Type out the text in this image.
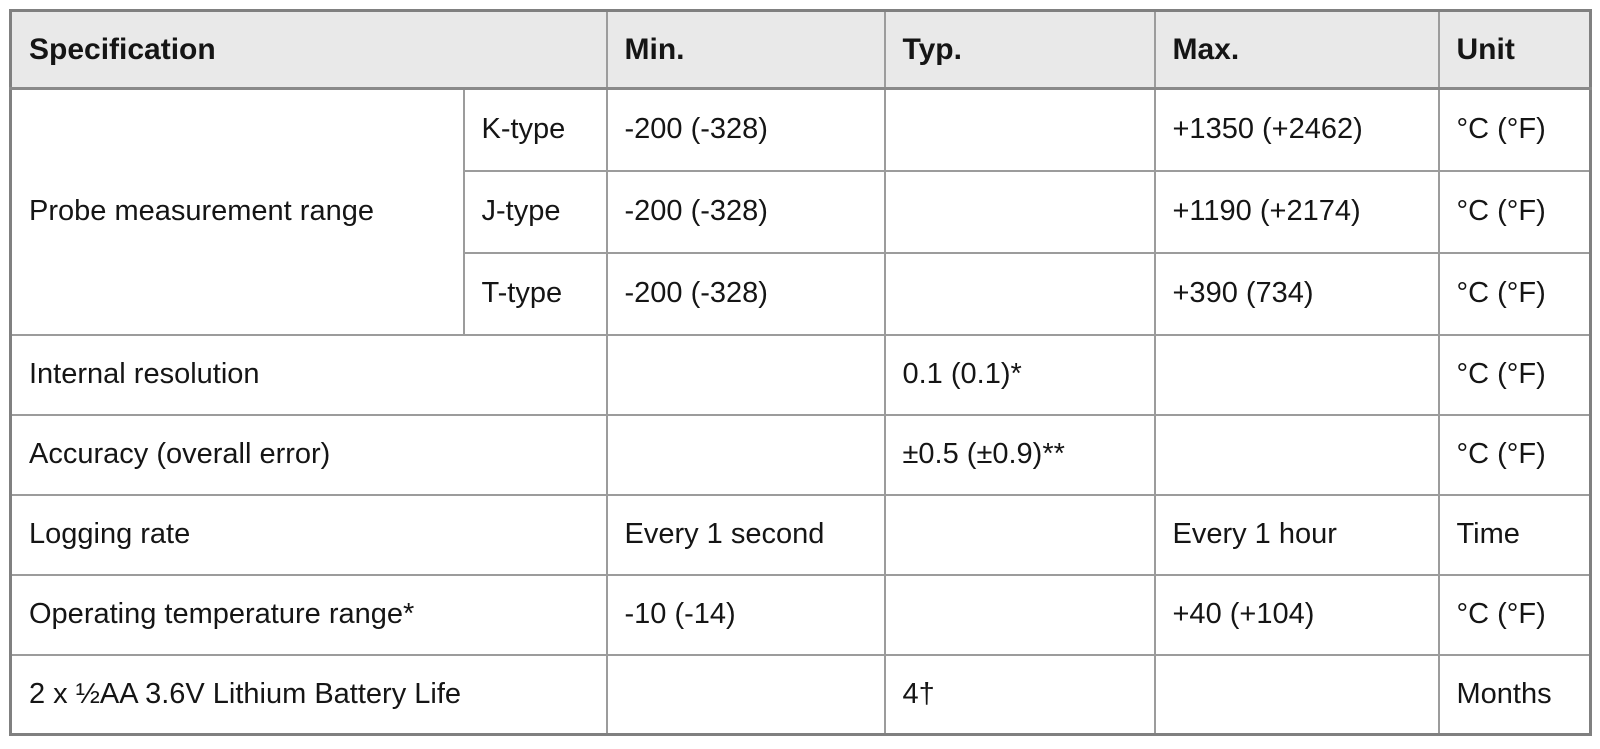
Specification		Min.	Typ.	Max.	Unit
Probe measurement range	K-type	-200 (-328)		+1350 (+2462)	°C (°F)
	J-type	-200 (-328)		+1190 (+2174)	°C (°F)
	T-type	-200 (-328)		+390 (734)	°C (°F)
Internal resolution			0.1 (0.1)*		°C (°F)
Accuracy (overall error)			±0.5 (±0.9)**		°C (°F)
Logging rate		Every 1 second		Every 1 hour	Time
Operating temperature range*		-10 (-14)		+40 (+104)	°C (°F)
2 x ½AA 3.6V Lithium Battery Life			4†		Months
